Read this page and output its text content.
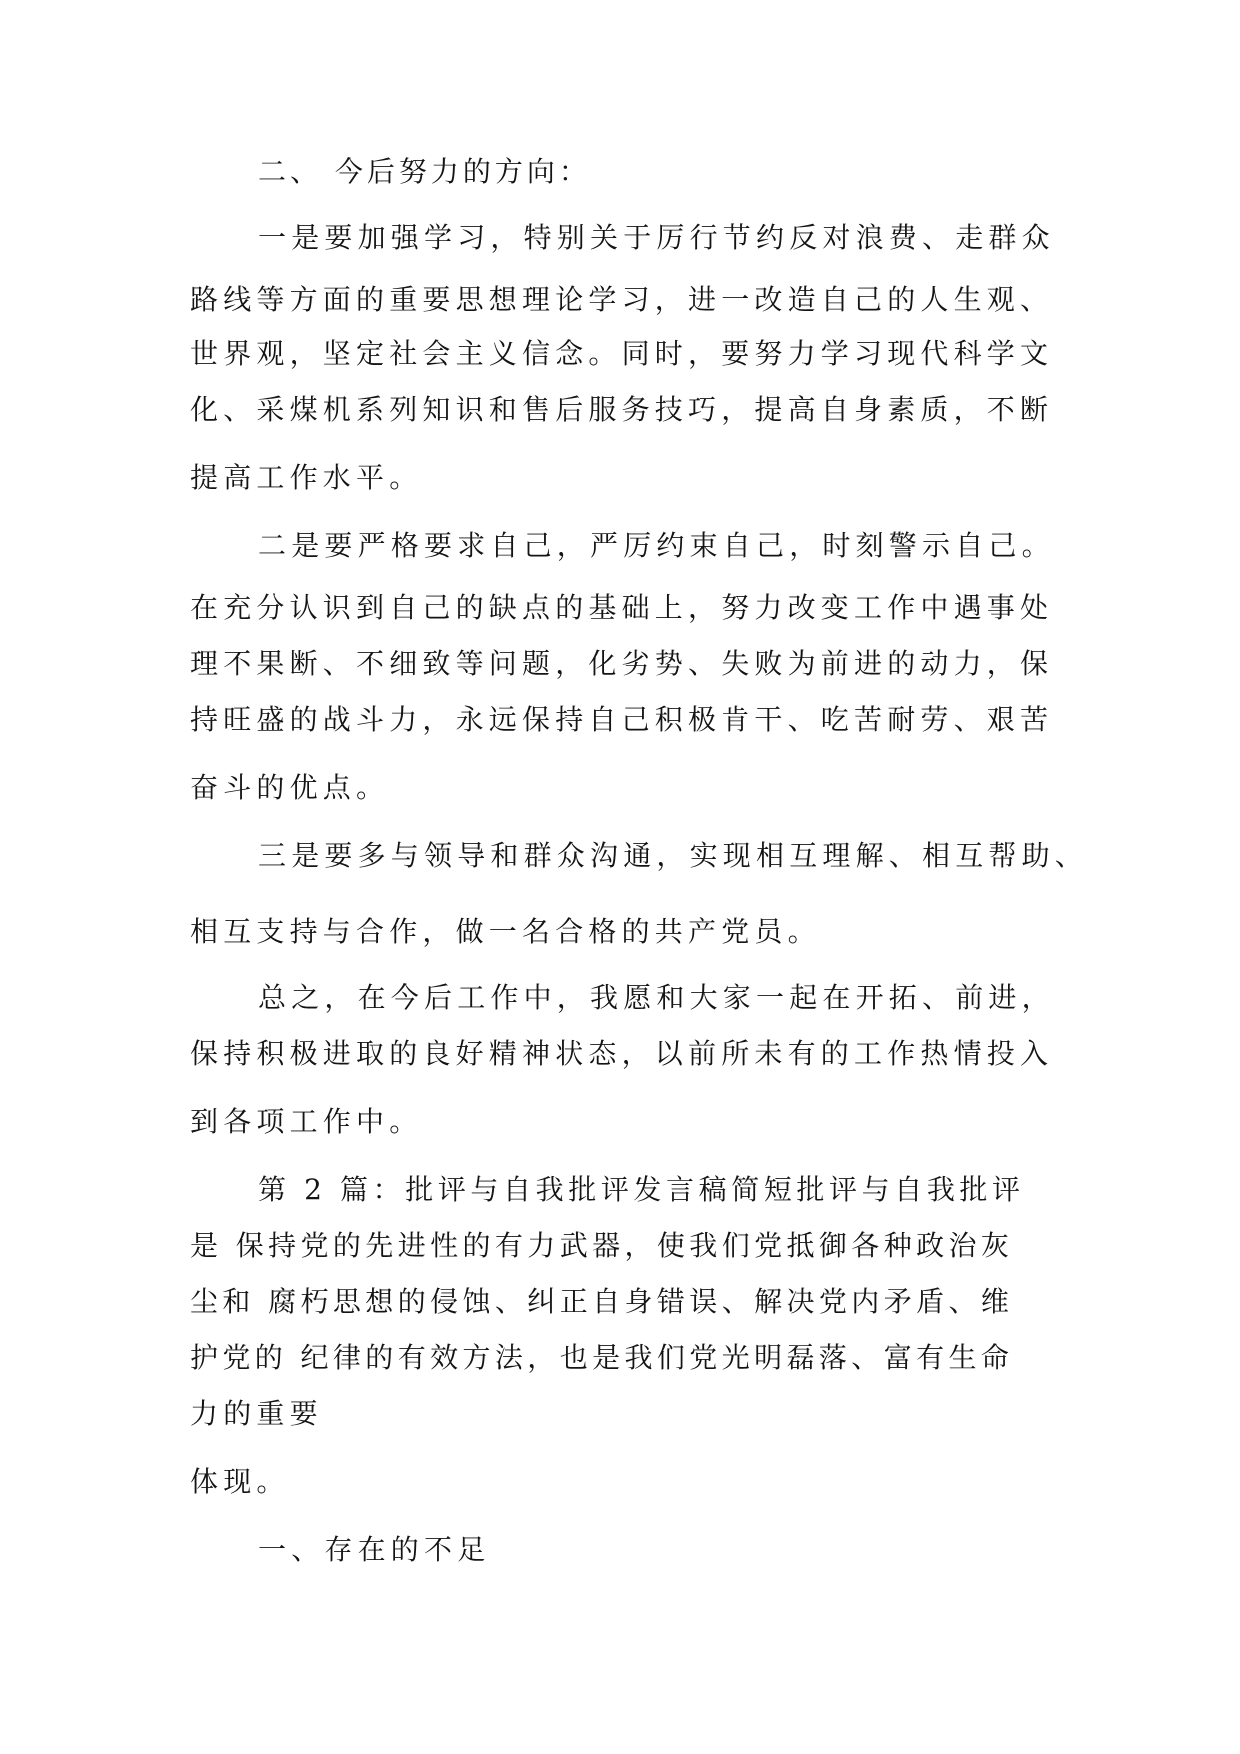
二、 今后努力的方向：
一是要加强学习，特别关于厉行节约反对浪费、走群众
路线等方面的重要思想理论学习，进一改造自己的人生观、
世界观，坚定社会主义信念。同时，要努力学习现代科学文
化、采煤机系列知识和售后服务技巧，提高自身素质，不断
提高工作水平。
二是要严格要求自己，严厉约束自己，时刻警示自己。
在充分认识到自己的缺点的基础上，努力改变工作中遇事处
理不果断、不细致等问题，化劣势、失败为前进的动力，保
持旺盛的战斗力，永远保持自己积极肯干、吃苦耐劳、艰苦
奋斗的优点。
三是要多与领导和群众沟通，实现相互理解、相互帮助、
相互支持与合作，做一名合格的共产党员。
总之，在今后工作中，我愿和大家一起在开拓、前进，
保持积极进取的良好精神状态，以前所未有的工作热情投入
到各项工作中。
第 2 篇：批评与自我批评发言稿简短批评与自我批评
是 保持党的先进性的有力武器，使我们党抵御各种政治灰
尘和 腐朽思想的侵蚀、纠正自身错误、解决党内矛盾、维
护党的 纪律的有效方法，也是我们党光明磊落、富有生命
力的重要
体现。
一、存在的不足
